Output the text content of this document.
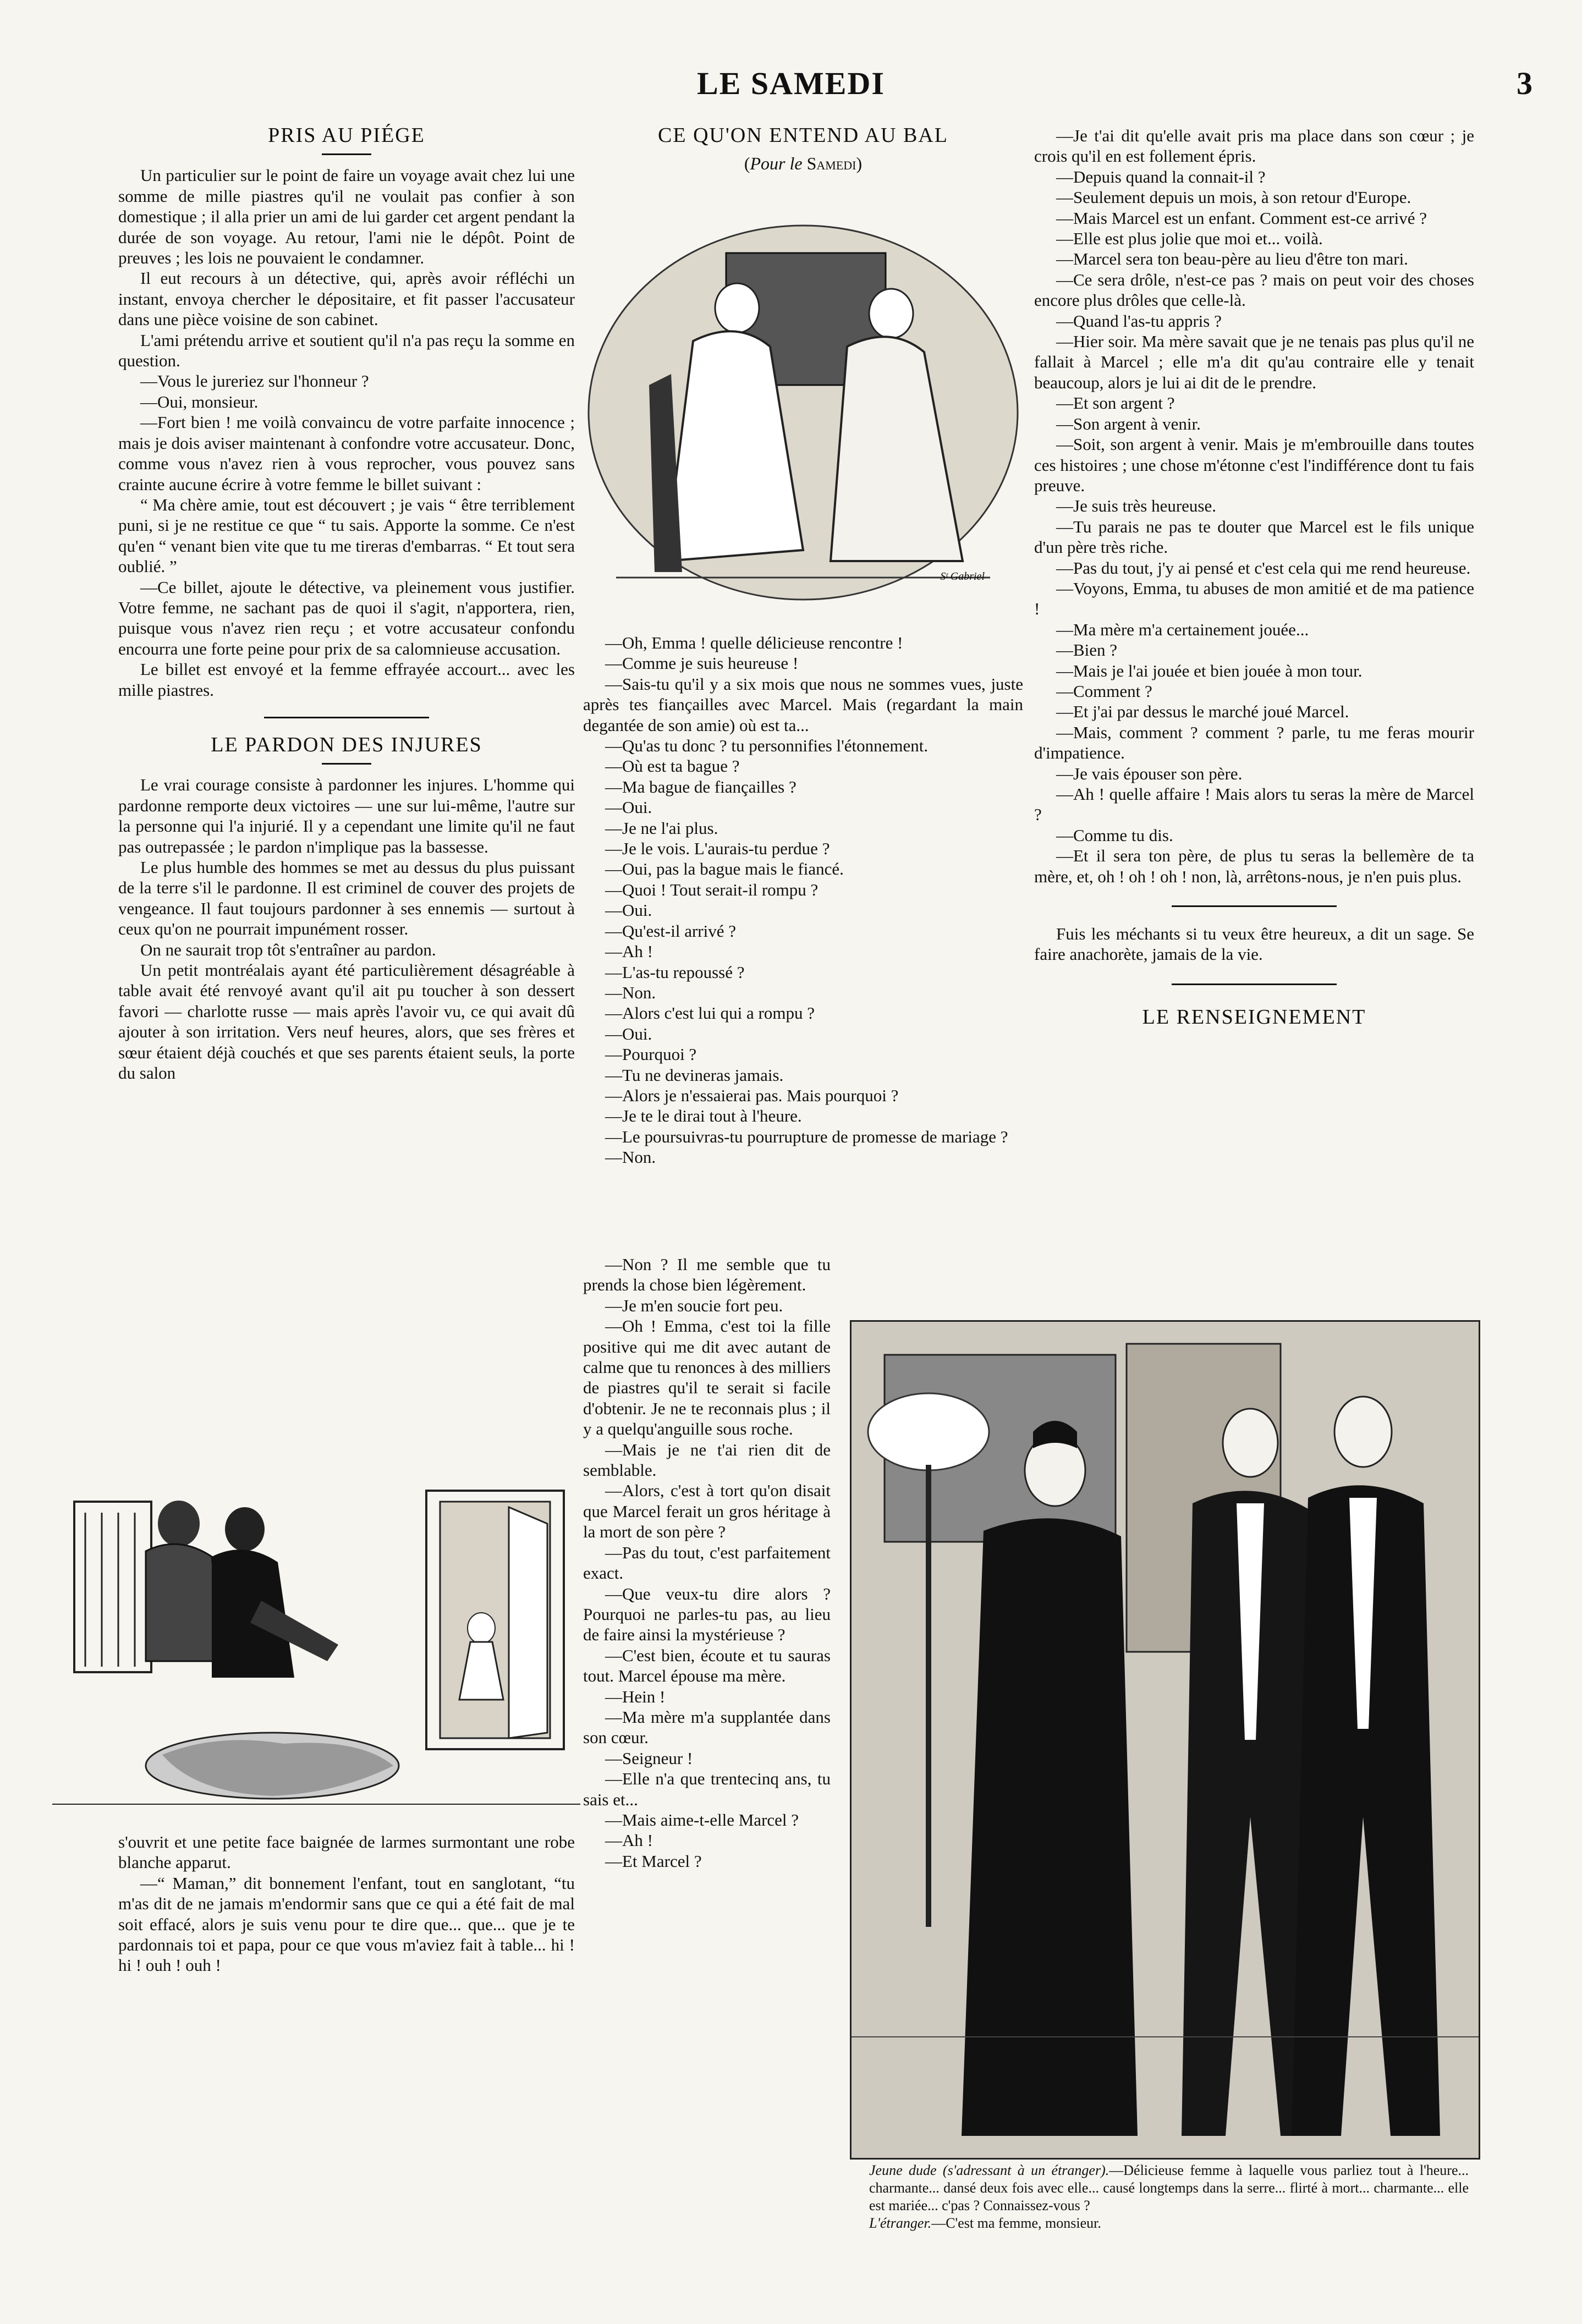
LE SAMEDI	3
PRIS AU PIÉGE

Un particulier sur le point de faire un voyage avait chez lui une somme de mille piastres qu'il ne voulait pas confier à son domestique ; il alla prier un ami de lui garder cet argent pendant la durée de son voyage. Au retour, l'ami nie le dépôt. Point de preuves ; les lois ne pouvaient le condamner.

Il eut recours à un détective, qui, après avoir réfléchi un instant, envoya chercher le dépositaire, et fit passer l'accusateur dans une pièce voisine de son cabinet.

L'ami prétendu arrive et soutient qu'il n'a pas reçu la somme en question.

—Vous le jureriez sur l'honneur ?

—Oui, monsieur.

—Fort bien ! me voilà convaincu de votre parfaite innocence ; mais je dois aviser maintenant à confondre votre accusateur. Donc, comme vous n'avez rien à vous reprocher, vous pouvez sans crainte aucune écrire à votre femme le billet suivant :

“ Ma chère amie, tout est découvert ; je vais “ être terriblement puni, si je ne restitue ce que “ tu sais. Apporte la somme. Ce n'est qu'en “ venant bien vite que tu me tireras d'embarras. “ Et tout sera oublié. ”

—Ce billet, ajoute le détective, va pleinement vous justifier. Votre femme, ne sachant pas de quoi il s'agit, n'apportera, rien, puisque vous n'avez rien reçu ; et votre accusateur confondu encourra une forte peine pour prix de sa calomnieuse accusation.

Le billet est envoyé et la femme effrayée accourt... avec les mille piastres.

LE PARDON DES INJURES

Le vrai courage consiste à pardonner les injures. L'homme qui pardonne remporte deux victoires — une sur lui-même, l'autre sur la personne qui l'a injurié. Il y a cependant une limite qu'il ne faut pas outrepassée ; le pardon n'implique pas la bassesse.

Le plus humble des hommes se met au dessus du plus puissant de la terre s'il le pardonne. Il est criminel de couver des projets de vengeance. Il faut toujours pardonner à ses ennemis — surtout à ceux qu'on ne pourrait impunément rosser.

On ne saurait trop tôt s'entraîner au pardon.

Un petit montréalais ayant été particulièrement désagréable à table avait été renvoyé avant qu'il ait pu toucher à son dessert favori — charlotte russe — mais après l'avoir vu, ce qui avait dû ajouter à son irritation. Vers neuf heures, alors, que ses frères et sœur étaient déjà couchés et que ses parents étaient seuls, la porte du salon

s'ouvrit et une petite face baignée de larmes surmontant une robe blanche apparut.

—“ Maman,” dit bonnement l'enfant, tout en sanglotant, “tu m'as dit de ne jamais m'endormir sans que ce qui a été fait de mal soit effacé, alors je suis venu pour te dire que... que... que je te pardonnais toi et papa, pour ce que vous m'aviez fait à table... hi ! hi ! ouh ! ouh !

CE QU'ON ENTEND AU BAL
(Pour le Samedi)
Sᵗ Gabriel

—Oh, Emma ! quelle délicieuse rencontre !

—Comme je suis heureuse !

—Sais-tu qu'il y a six mois que nous ne sommes vues, juste après tes fiançailles avec Marcel. Mais (regardant la main degantée de son amie) où est ta...

—Qu'as tu donc ? tu personnifies l'étonnement.

—Où est ta bague ?

—Ma bague de fiançailles ?

—Oui.

—Je ne l'ai plus.

—Je le vois. L'aurais-tu perdue ?

—Oui, pas la bague mais le fiancé.

—Quoi ! Tout serait-il rompu ?

—Oui.

—Qu'est-il arrivé ?

—Ah !

—L'as-tu repoussé ?

—Non.

—Alors c'est lui qui a rompu ?

—Oui.

—Pourquoi ?

—Tu ne devineras jamais.

—Alors je n'essaierai pas. Mais pourquoi ?

—Je te le dirai tout à l'heure.

—Le poursuivras-tu pourrupture de promesse de mariage ?

—Non.

—Non ? Il me semble que tu prends la chose bien légèrement.

—Je m'en soucie fort peu.

—Oh ! Emma, c'est toi la fille positive qui me dit avec autant de calme que tu renonces à des milliers de piastres qu'il te serait si facile d'obtenir. Je ne te reconnais plus ; il y a quelqu'anguille sous roche.

—Mais je ne t'ai rien dit de semblable.

—Alors, c'est à tort qu'on disait que Marcel ferait un gros héritage à la mort de son père ?

—Pas du tout, c'est parfaitement exact.

—Que veux-tu dire alors ? Pourquoi ne parles-tu pas, au lieu de faire ainsi la mystérieuse ?

—C'est bien, écoute et tu sauras tout. Marcel épouse ma mère.

—Hein !

—Ma mère m'a supplantée dans son cœur.

—Seigneur !

—Elle n'a que trentecinq ans, tu sais et...

—Mais aime-t-elle Marcel ?

—Ah !

—Et Marcel ?

—Je t'ai dit qu'elle avait pris ma place dans son cœur ; je crois qu'il en est follement épris.

—Depuis quand la connait-il ?

—Seulement depuis un mois, à son retour d'Europe.

—Mais Marcel est un enfant. Comment est-ce arrivé ?

—Elle est plus jolie que moi et... voilà.

—Marcel sera ton beau-père au lieu d'être ton mari.

—Ce sera drôle, n'est-ce pas ? mais on peut voir des choses encore plus drôles que celle-là.

—Quand l'as-tu appris ?

—Hier soir. Ma mère savait que je ne tenais pas plus qu'il ne fallait à Marcel ; elle m'a dit qu'au contraire elle y tenait beaucoup, alors je lui ai dit de le prendre.

—Et son argent ?

—Son argent à venir.

—Soit, son argent à venir. Mais je m'embrouille dans toutes ces histoires ; une chose m'étonne c'est l'indifférence dont tu fais preuve.

—Je suis très heureuse.

—Tu parais ne pas te douter que Marcel est le fils unique d'un père très riche.

—Pas du tout, j'y ai pensé et c'est cela qui me rend heureuse.

—Voyons, Emma, tu abuses de mon amitié et de ma patience !

—Ma mère m'a certainement jouée...

—Bien ?

—Mais je l'ai jouée et bien jouée à mon tour.

—Comment ?

—Et j'ai par dessus le marché joué Marcel.

—Mais, comment ? comment ? parle, tu me feras mourir d'impatience.

—Je vais épouser son père.

—Ah ! quelle affaire ! Mais alors tu seras la mère de Marcel ?

—Comme tu dis.

—Et il sera ton père, de plus tu seras la bellemère de ta mère, et, oh ! oh ! oh ! non, là, arrêtons-nous, je n'en puis plus.

Fuis les méchants si tu veux être heureux, a dit un sage. Se faire anachorète, jamais de la vie.

LE RENSEIGNEMENT
Jeune dude (s'adressant à un étranger).—Délicieuse femme à laquelle vous parliez tout à l'heure... charmante... dansé deux fois avec elle... causé longtemps dans la serre... flirté à mort... charmante... elle est mariée... c'pas ? Connaissez-vous ?
L'étranger.—C'est ma femme, monsieur.
